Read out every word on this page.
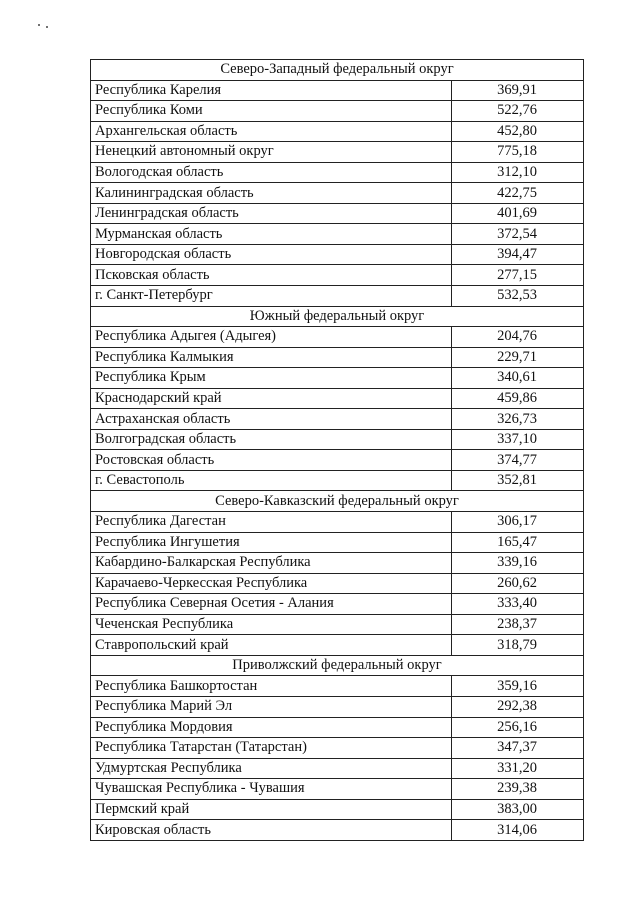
Северо-Западный федеральный округ	
Республика Карелия	369,91
Республика Коми	522,76
Архангельская область	452,80
Ненецкий автономный округ	775,18
Вологодская область	312,10
Калининградская область	422,75
Ленинградская область	401,69
Мурманская область	372,54
Новгородская область	394,47
Псковская область	277,15
г. Санкт-Петербург	532,53
Южный федеральный округ	
Республика Адыгея (Адыгея)	204,76
Республика Калмыкия	229,71
Республика Крым	340,61
Краснодарский край	459,86
Астраханская область	326,73
Волгоградская область	337,10
Ростовская область	374,77
г. Севастополь	352,81
Северо-Кавказский федеральный округ	
Республика Дагестан	306,17
Республика Ингушетия	165,47
Кабардино-Балкарская Республика	339,16
Карачаево-Черкесская Республика	260,62
Республика Северная Осетия - Алания	333,40
Чеченская Республика	238,37
Ставропольский край	318,79
Приволжский федеральный округ	
Республика Башкортостан	359,16
Республика Марий Эл	292,38
Республика Мордовия	256,16
Республика Татарстан (Татарстан)	347,37
Удмуртская Республика	331,20
Чувашская Республика - Чувашия	239,38
Пермский край	383,00
Кировская область	314,06
